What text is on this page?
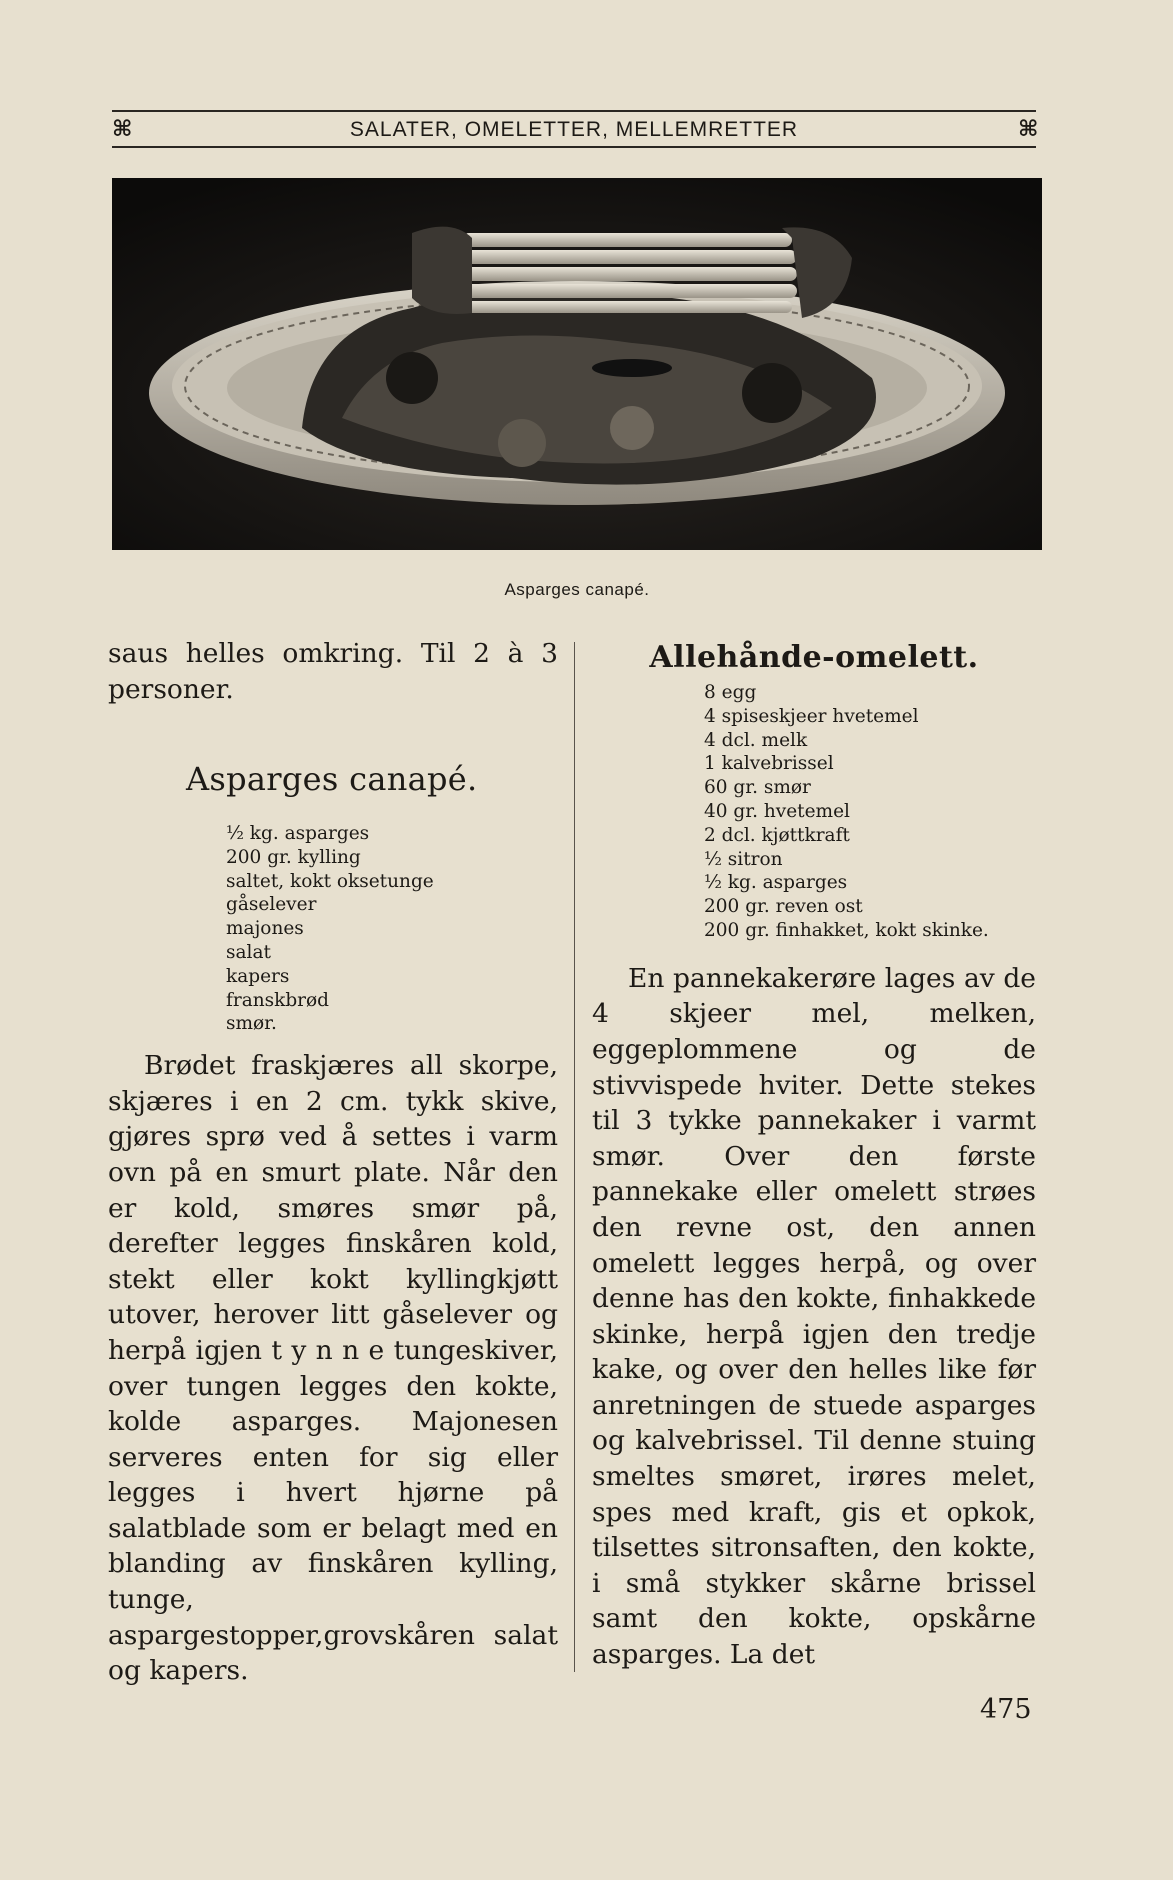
⌘	SALATER, OMELETTER, MELLEMRETTER	⌘
Asparges canapé.

saus helles omkring. Til 2 à 3 personer.

Asparges canapé.
½ kg. asparges
200 gr. kylling
saltet, kokt oksetunge
gåselever
majones
salat
kapers
franskbrød
smør.

Brødet fraskjæres all skorpe, skjæres i en 2 cm. tykk skive, gjøres sprø ved å settes i varm ovn på en smurt plate. Når den er kold, smøres smør på, derefter legges finskåren kold, stekt eller kokt kyllingkjøtt utover, herover litt gåselever og herpå igjen t y n n e tungeskiver, over tungen legges den kokte, kolde asparges. Majonesen serveres enten for sig eller legges i hvert hjørne på salatblade som er belagt med en blanding av finskåren kylling, tunge, aspargestopper,grovskåren salat og kapers.

Allehånde-omelett.
8 egg
4 spiseskjeer hvetemel
4 dcl. melk
1 kalvebrissel
60 gr. smør
40 gr. hvetemel
2 dcl. kjøttkraft
½ sitron
½ kg. asparges
200 gr. reven ost
200 gr. finhakket, kokt skinke.

En pannekakerøre lages av de 4 skjeer mel, melken, eggeplommene og de stivvispede hviter. Dette stekes til 3 tykke pannekaker i varmt smør. Over den første pannekake eller omelett strøes den revne ost, den annen omelett legges herpå, og over denne has den kokte, finhakkede skinke, herpå igjen den tredje kake, og over den helles like før anretningen de stuede asparges og kalvebrissel. Til denne stuing smeltes smøret, irøres melet, spes med kraft, gis et opkok, tilsettes sitronsaften, den kokte, i små stykker skårne brissel samt den kokte, opskårne asparges. La det

475
